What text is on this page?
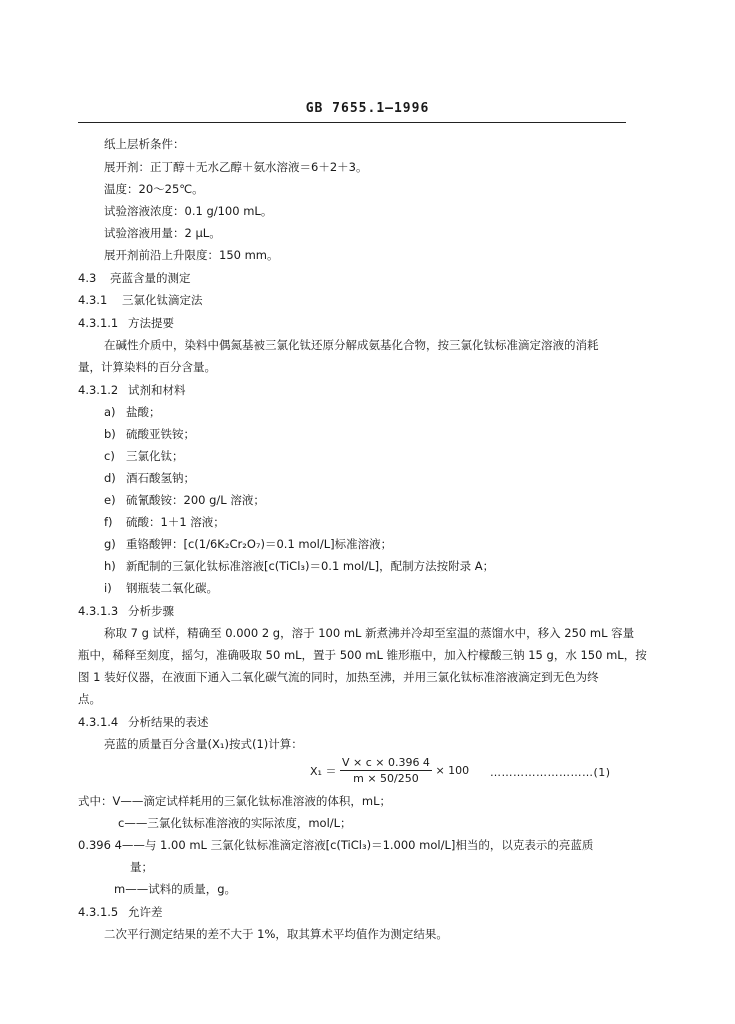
GB 7655.1—1996
纸上层析条件：
展开剂：正丁醇＋无水乙醇＋氨水溶液＝6＋2＋3。
温度：20～25℃。
试验溶液浓度：0.1 g/100 mL。
试验溶液用量：2 μL。
展开剂前沿上升限度：150 mm。
4.3 亮蓝含量的测定
4.3.1 三氯化钛滴定法
4.3.1.1 方法提要
在碱性介质中，染料中偶氮基被三氯化钛还原分解成氨基化合物，按三氯化钛标准滴定溶液的消耗
量，计算染料的百分含量。
4.3.1.2 试剂和材料
a) 盐酸；
b) 硫酸亚铁铵；
c) 三氯化钛；
d) 酒石酸氢钠；
e) 硫氰酸铵：200 g/L 溶液；
f) 硫酸：1＋1 溶液；
g) 重铬酸钾：[c(1/6K₂Cr₂O₇)＝0.1 mol/L]标准溶液；
h) 新配制的三氯化钛标准溶液[c(TiCl₃)＝0.1 mol/L]，配制方法按附录 A；
i) 钢瓶装二氧化碳。
4.3.1.3 分析步骤
称取 7 g 试样，精确至 0.000 2 g，溶于 100 mL 新煮沸并冷却至室温的蒸馏水中，移入 250 mL 容量
瓶中，稀释至刻度，摇匀，准确吸取 50 mL，置于 500 mL 锥形瓶中，加入柠檬酸三钠 15 g，水 150 mL，按
图 1 装好仪器，在液面下通入二氧化碳气流的同时，加热至沸，并用三氯化钛标准溶液滴定到无色为终
点。
4.3.1.4 分析结果的表述
亮蓝的质量百分含量(X₁)按式(1)计算：
$X_1 = \frac{V \times c \times 0.396 4}{m \times 50/250} \times 100$ ………………………(1)
式中：V——滴定试样耗用的三氯化钛标准溶液的体积，mL；
c——三氯化钛标准溶液的实际浓度，mol/L；
0.396 4——与 1.00 mL 三氯化钛标准滴定溶液[c(TiCl₃)＝1.000 mol/L]相当的，以克表示的亮蓝质
量；
m——试料的质量，g。
4.3.1.5 允许差
二次平行测定结果的差不大于 1%，取其算术平均值作为测定结果。
